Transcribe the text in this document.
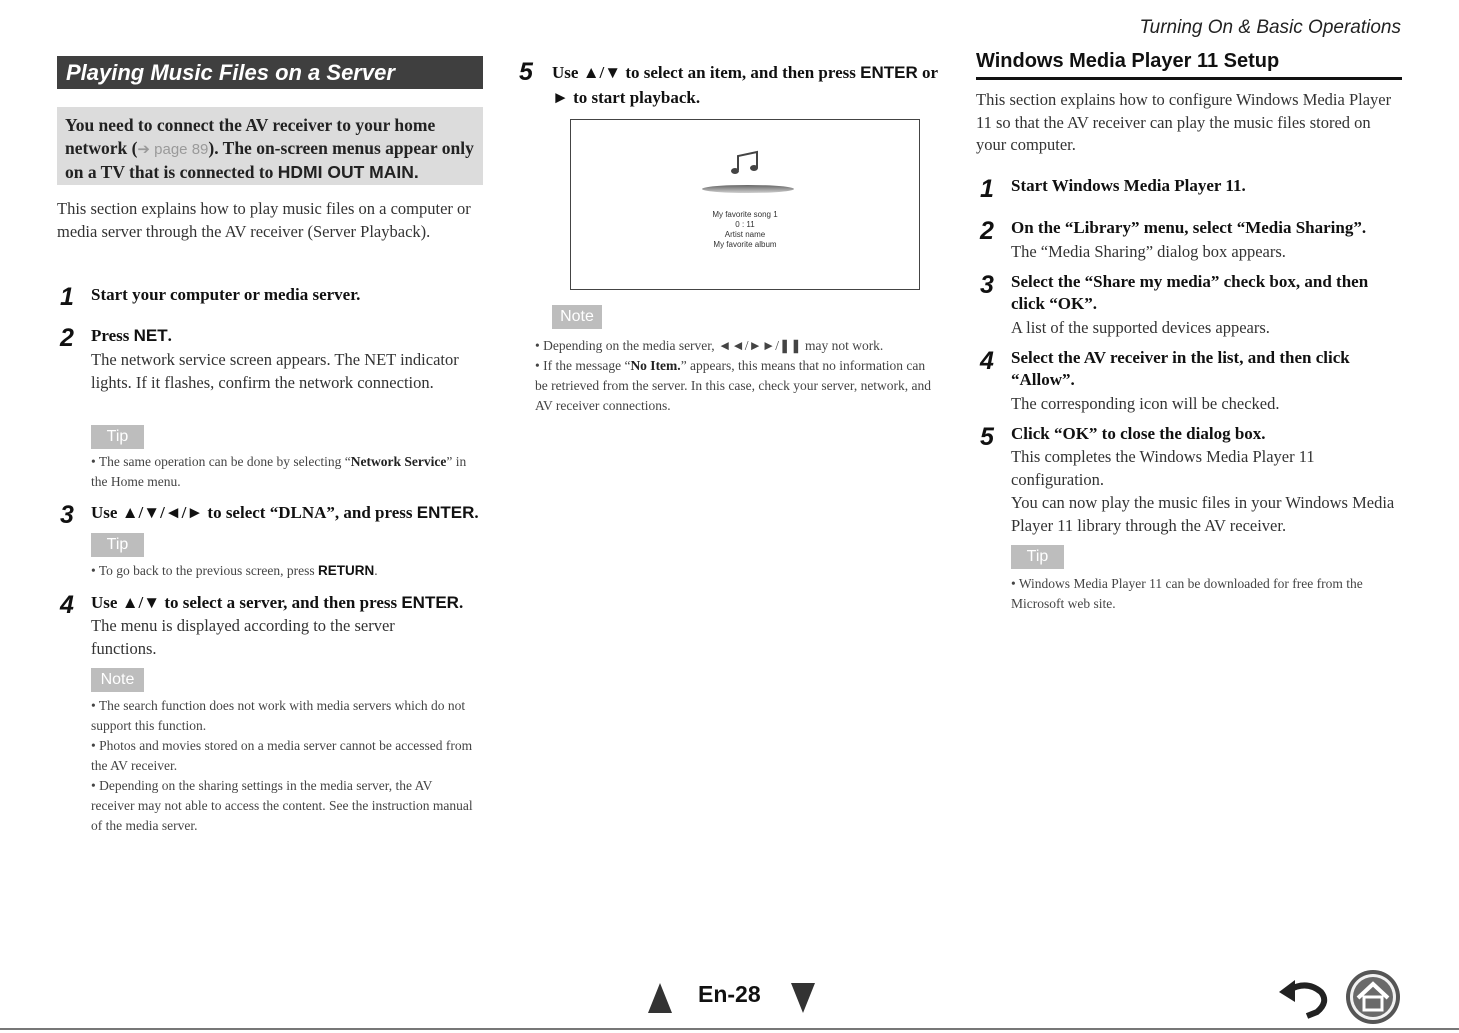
Turning On & Basic Operations
Playing Music Files on a Server
You need to connect the AV receiver to your home network (➔ page 89). The on-screen menus appear only on a TV that is connected to HDMI OUT MAIN.
This section explains how to play music files on a computer or media server through the AV receiver (Server Playback).
1 Start your computer or media server.
2 Press NET.
The network service screen appears. The NET indicator lights. If it flashes, confirm the network connection.
Tip
• The same operation can be done by selecting “Network Service” in the Home menu.
3 Use ▲/▼/◄/► to select “DLNA”, and press ENTER.
Tip
• To go back to the previous screen, press RETURN.
4 Use ▲/▼ to select a server, and then press ENTER.
The menu is displayed according to the server functions.
Note
• The search function does not work with media servers which do not support this function.
• Photos and movies stored on a media server cannot be accessed from the AV receiver.
• Depending on the sharing settings in the media server, the AV receiver may not able to access the content. See the instruction manual of the media server.
5 Use ▲/▼ to select an item, and then press ENTER or ► to start playback.
My favorite song 1
0 : 11
Artist name
My favorite album
Note
• Depending on the media server, ◄◄/►►/❚❚ may not work.
• If the message “No Item.” appears, this means that no information can be retrieved from the server. In this case, check your server, network, and AV receiver connections.
Windows Media Player 11 Setup
This section explains how to configure Windows Media Player 11 so that the AV receiver can play the music files stored on your computer.
1 Start Windows Media Player 11.
2 On the “Library” menu, select “Media Sharing”.
The “Media Sharing” dialog box appears.
3 Select the “Share my media” check box, and then click “OK”.
A list of the supported devices appears.
4 Select the AV receiver in the list, and then click “Allow”.
The corresponding icon will be checked.
5 Click “OK” to close the dialog box.
This completes the Windows Media Player 11 configuration.
You can now play the music files in your Windows Media Player 11 library through the AV receiver.
Tip
• Windows Media Player 11 can be downloaded for free from the Microsoft web site.
En-28
